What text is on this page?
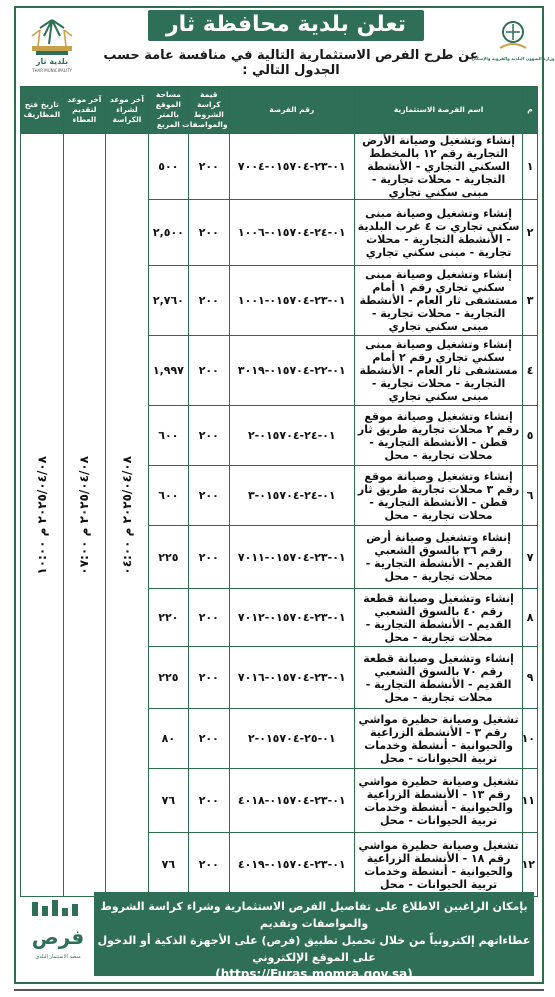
بلدية ثار
THAR MUNICIPALITY
تعلن بلدية محافظة ثار
عن طرح الفرص الاستثمارية التالية في منافسة عامة حسب الجدول التالي :
وزارة الشؤون البلدية والقروية والإسكان
م	اسم الفرصة الاستثمارية	رقم الفرصة	قيمة كراسة الشروط والمواصفات	مساحة الموقع بالمتر المربع	آخر موعد لشراء الكراسة	آخر موعد لتقديم العطاء	تاريخ فتح المظاريف
١	إنشاء وتشغيل وصيانة الأرض التجارية رقم ١٢ بالمخطط السكني التجاري - الأنشطة التجارية - محلات تجارية - مبنى سكني تجاري	٠١-٢٣-٠١٥٧٠٤-٧٠٠٤	٢٠٠	٥٠٠	٢٠٢٥/٠٤/٠٨ م ٠٤:٠٠	٢٠٢٥/٠٤/٠٨ م ٠٧:٠٠	٢٠٢٥/٠٤/٠٨ م ١٠:٠٠

٢	إنشاء وتشغيل وصيانة مبنى سكني تجاري ت ٤ غرب البلدية - الأنشطة التجارية - محلات تجارية - مبنى سكني تجاري	٠١-٢٤-٠١٥٧٠٤-١٠٠٦	٢٠٠	٢,٥٠٠			
٣	إنشاء وتشغيل وصيانة مبنى سكني تجاري رقم ١ أمام مستشفى ثار العام - الأنشطة التجارية - محلات تجارية - مبنى سكني تجاري	٠١-٢٣-٠١٥٧٠٤-١٠٠١	٢٠٠	٢,٧٦٠			
٤	إنشاء وتشغيل وصيانة مبنى سكني تجاري رقم ٢ أمام مستشفى ثار العام - الأنشطة التجارية - محلات تجارية - مبنى سكني تجاري	٠١-٢٢-٠١٥٧٠٤-٣٠١٩	٢٠٠	١,٩٩٧			
٥	إنشاء وتشغيل وصيانة موقع رقم ٢ محلات تجارية طريق ثار قطن - الأنشطة التجارية - محلات تجارية - محل	٠١-٢٤-٠١٥٧٠٤-٢	٢٠٠	٦٠٠			
٦	إنشاء وتشغيل وصيانة موقع رقم ٣ محلات تجارية طريق ثار قطن - الأنشطة التجارية - محلات تجارية - محل	٠١-٢٤-٠١٥٧٠٤-٣	٢٠٠	٦٠٠			
٧	إنشاء وتشغيل وصيانة أرض رقم ٣٦ بالسوق الشعبي القديم - الأنشطة التجارية - محلات تجارية - محل	٠١-٢٣-٠١٥٧٠٤-٧٠١١	٢٠٠	٢٢٥			
٨	إنشاء وتشغيل وصيانة قطعة رقم ٤٠ بالسوق الشعبي القديم - الأنشطة التجارية - محلات تجارية - محل	٠١-٢٣-٠١٥٧٠٤-٧٠١٢	٢٠٠	٢٢٠			
٩	إنشاء وتشغيل وصيانة قطعة رقم ٧٠ بالسوق الشعبي القديم - الأنشطة التجارية - محلات تجارية - محل	٠١-٢٣-٠١٥٧٠٤-٧٠١٦	٢٠٠	٢٢٥			
١٠	تشغيل وصيانة حظيرة مواشي رقم ٣ - الأنشطة الزراعية والحيوانية - أنشطة وخدمات تربية الحيوانات - محل	٠١-٢٥-٠١٥٧٠٤-٢	٢٠٠	٨٠			
١١	تشغيل وصيانة حظيرة مواشي رقم ١٣ - الأنشطة الزراعية والحيوانية - أنشطة وخدمات تربية الحيوانات - محل	٠١-٢٣-٠١٥٧٠٤-٤٠١٨	٢٠٠	٧٦			
١٢	تشغيل وصيانة حظيرة مواشي رقم ١٨ - الأنشطة الزراعية والحيوانية - أنشطة وخدمات تربية الحيوانات - محل	٠١-٢٣-٠١٥٧٠٤-٤٠١٩	٢٠٠	٧٦			
فرص
منصة الاستثمار البلدي
بإمكان الراغبين الاطلاع على تفاصيل الفرص الاستثمارية وشراء كراسة الشروط والمواصفات وتقديم
عطاءاتهم إلكترونياً من خلال تحميل تطبيق (فرص) على الأجهزة الذكية أو الدخول على الموقع الإلكتروني
(https://Furas.momra.gov.sa)
